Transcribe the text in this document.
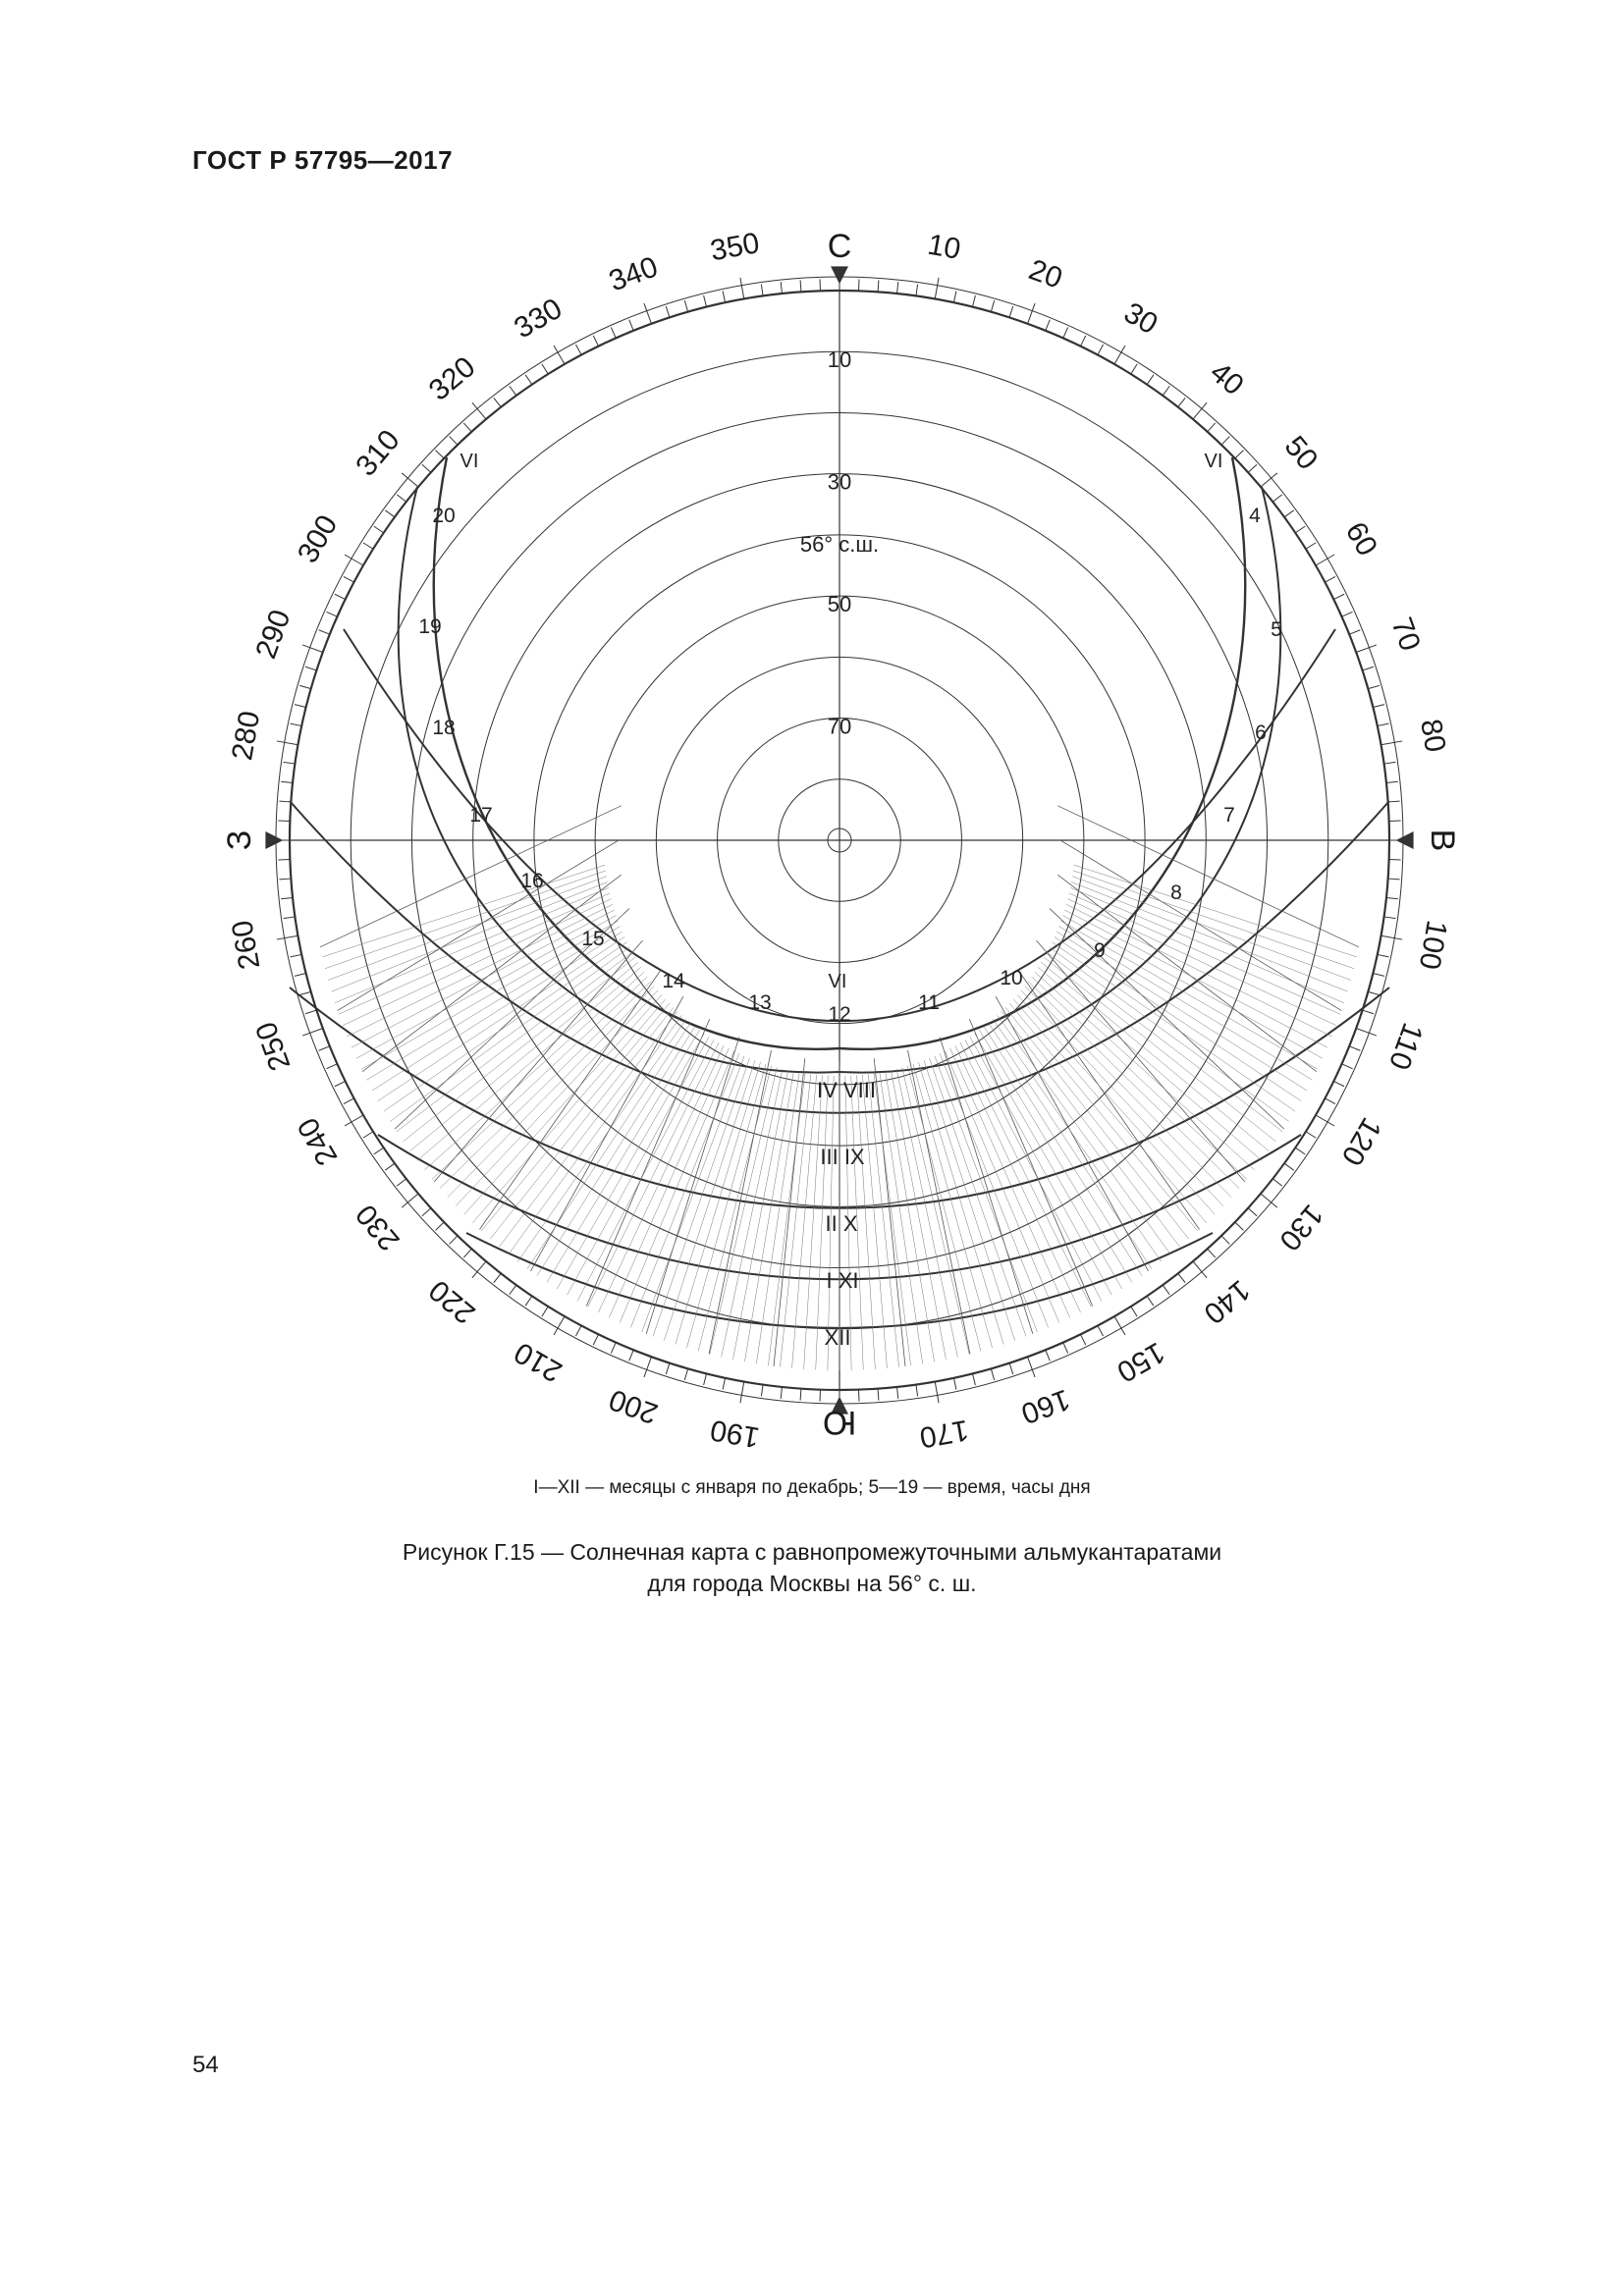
ГОСТ Р 57795—2017
С
В
Ю
З
56° с.ш.
VI	VI
VI
IV VIII
III IX
II X
I XI
XII
10
20
30
40
50
60
70
80
100
110
120
130
140
150
160
170
190
200
210
220
230
240
250
260
280
290
300
310
320
330
340
350
10
30
50
70
4
5
6
7
8
9
10
11
12
13
14
15
16
17
18
19
20
I—XII — месяцы с января по декабрь; 5—19 — время, часы дня
Рисунок Г.15 — Солнечная карта с равнопромежуточными альмукантаратами
для города Москвы на 56° с. ш.
54
